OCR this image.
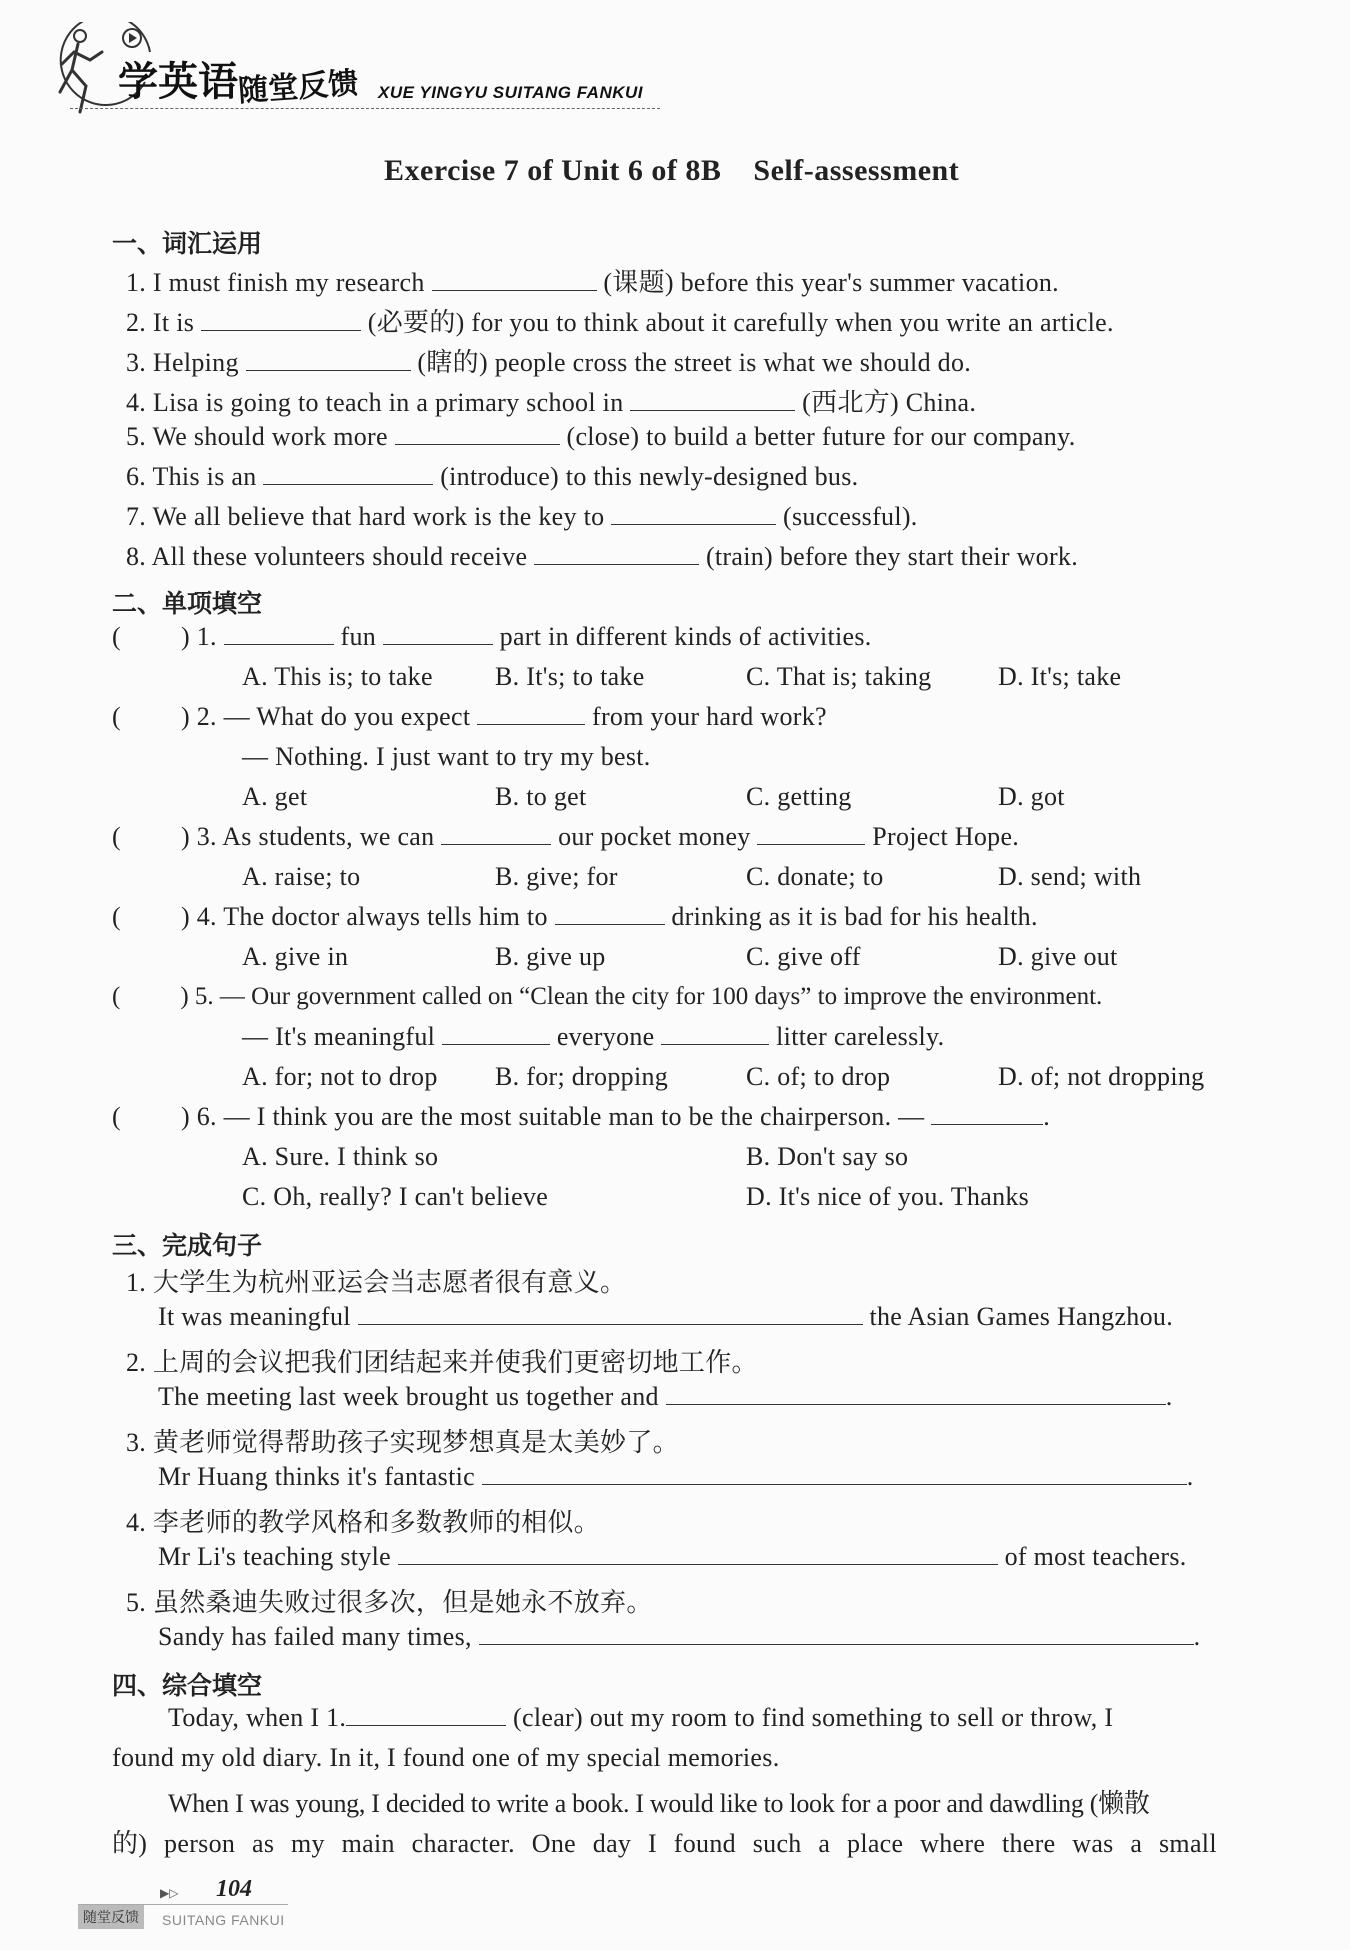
学英语 随堂反馈 XUE YINGYU SUITANG FANKUI
Exercise 7 of Unit 6 of 8B    Self-assessment
一、词汇运用
1. I must finish my research	(课题) before this year's summer vacation.
2. It is	(必要的) for you to think about it carefully when you write an article.
3. Helping	(瞎的) people cross the street is what we should do.
4. Lisa is going to teach in a primary school in	(西北方) China.
5. We should work more	(close) to build a better future for our company.
6. This is an	(introduce) to this newly-designed bus.
7. We all believe that hard work is the key to	(successful).
8. All these volunteers should receive	(train) before they start their work.
二、单项填空
( ) 1.	fun	part in different kinds of activities.
A. This is; to take B. It's; to take	C. That is; taking	D. It's; take
( ) 2. — What do you expect	from your hard work?
— Nothing. I just want to try my best.
A. get	B. to get	C. getting	D. got
( ) 3. As students, we can	our pocket money	Project Hope.
A. raise; to	B. give; for	C. donate; to	D. send; with
( ) 4. The doctor always tells him to	drinking as it is bad for his health.
A. give in	B. give up	C. give off	D. give out
( ) 5. — Our government called on “Clean the city for 100 days” to improve the environment.
— It's meaningful	everyone	litter carelessly.
A. for; not to drop B. for; dropping	C. of; to drop	D. of; not dropping
( ) 6. — I think you are the most suitable man to be the chairperson. —	.
A. Sure. I think so	B. Don't say so
C. Oh, really? I can't believe	D. It's nice of you. Thanks
三、完成句子
1. 大学生为杭州亚运会当志愿者很有意义。
It was meaningful	the Asian Games Hangzhou.
2. 上周的会议把我们团结起来并使我们更密切地工作。
The meeting last week brought us together and	.
3. 黄老师觉得帮助孩子实现梦想真是太美妙了。
Mr Huang thinks it's fantastic	.
4. 李老师的教学风格和多数教师的相似。
Mr Li's teaching style	of most teachers.
5. 虽然桑迪失败过很多次，但是她永不放弃。
Sandy has failed many times,	.
四、综合填空
Today, when I 1.	(clear) out my room to find something to sell or throw, I
found my old diary. In it, I found one of my special memories.
When I was young, I decided to write a book. I would like to look for a poor and dawdling (懒散
的) person as my main character. One day I found such a place where there was a small
▶▷ 104
随堂反馈	SUITANG FANKUI
